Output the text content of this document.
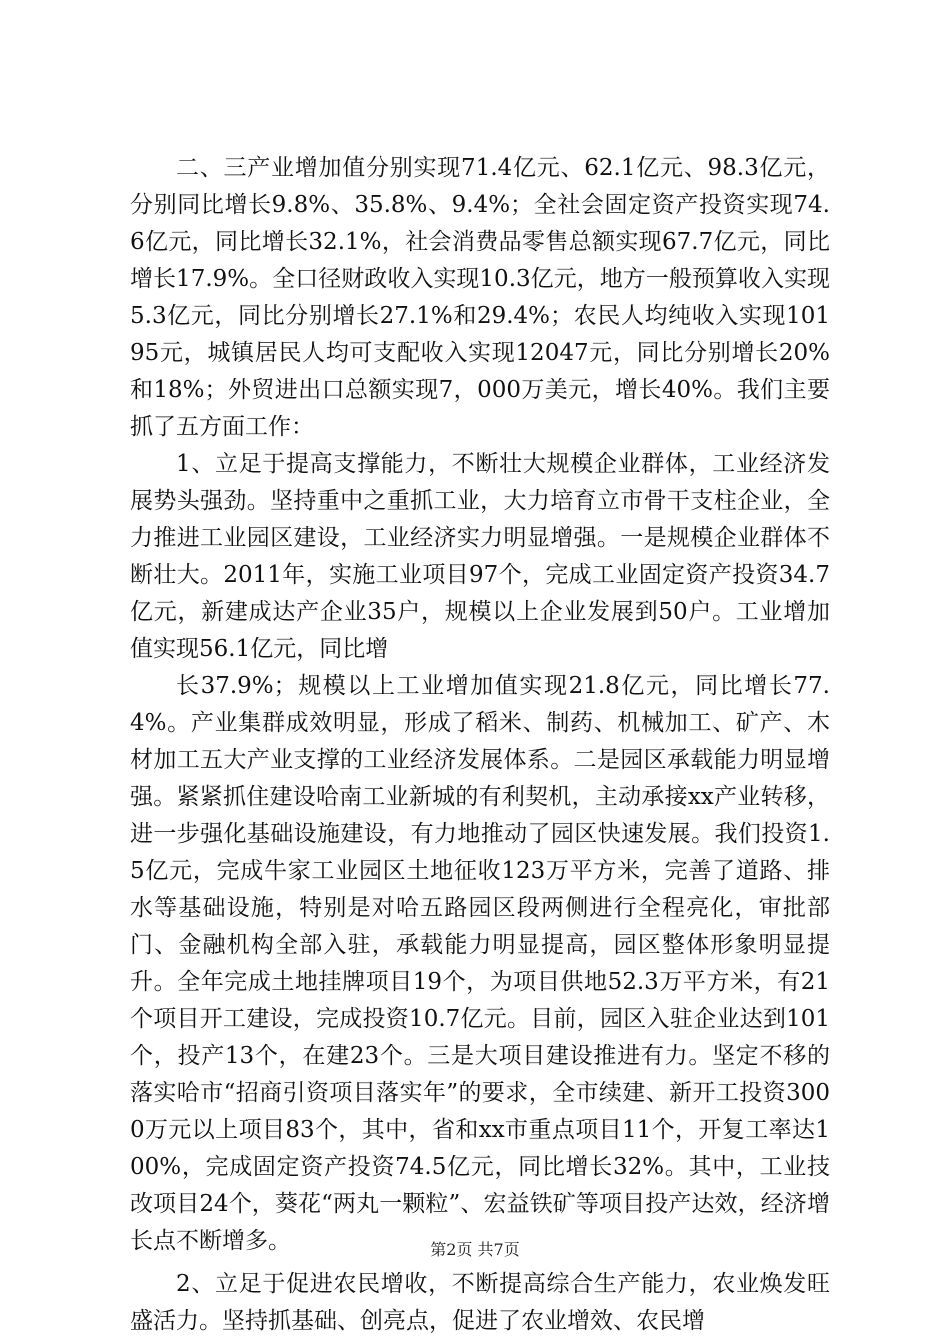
二、三产业增加值分别实现71.4亿元、62.1亿元、98.3亿元，分别同比增长9.8%、35.8%、9.4%；全社会固定资产投资实现74.6亿元，同比增长32.1%，社会消费品零售总额实现67.7亿元，同比增长17.9%。全口径财政收入实现10.3亿元，地方一般预算收入实现5.3亿元，同比分别增长27.1%和29.4%；农民人均纯收入实现10195元，城镇居民人均可支配收入实现12047元，同比分别增长20%和18%；外贸进出口总额实现7，000万美元，增长40%。我们主要抓了五方面工作：

1、立足于提高支撑能力，不断壮大规模企业群体，工业经济发展势头强劲。坚持重中之重抓工业，大力培育立市骨干支柱企业，全力推进工业园区建设，工业经济实力明显增强。一是规模企业群体不断壮大。2011年，实施工业项目97个，完成工业固定资产投资34.7亿元，新建成达产企业35户，规模以上企业发展到50户。工业增加值实现56.1亿元，同比增

长37.9%；规模以上工业增加值实现21.8亿元，同比增长77.4%。产业集群成效明显，形成了稻米、制药、机械加工、矿产、木材加工五大产业支撑的工业经济发展体系。二是园区承载能力明显增强。紧紧抓住建设哈南工业新城的有利契机，主动承接xx产业转移，进一步强化基础设施建设，有力地推动了园区快速发展。我们投资1.5亿元，完成牛家工业园区土地征收123万平方米，完善了道路、排水等基础设施，特别是对哈五路园区段两侧进行全程亮化，审批部门、金融机构全部入驻，承载能力明显提高，园区整体形象明显提升。全年完成土地挂牌项目19个，为项目供地52.3万平方米，有21个项目开工建设，完成投资10.7亿元。目前，园区入驻企业达到101个，投产13个，在建23个。三是大项目建设推进有力。坚定不移的落实哈市“招商引资项目落实年”的要求，全市续建、新开工投资3000万元以上项目83个，其中，省和xx市重点项目11个，开复工率达100%，完成固定资产投资74.5亿元，同比增长32%。其中，工业技改项目24个，葵花“两丸一颗粒”、宏益铁矿等项目投产达效，经济增长点不断增多。

2、立足于促进农民增收，不断提高综合生产能力，农业焕发旺盛活力。坚持抓基础、创亮点，促进了农业增效、农民增

第2页 共7页
